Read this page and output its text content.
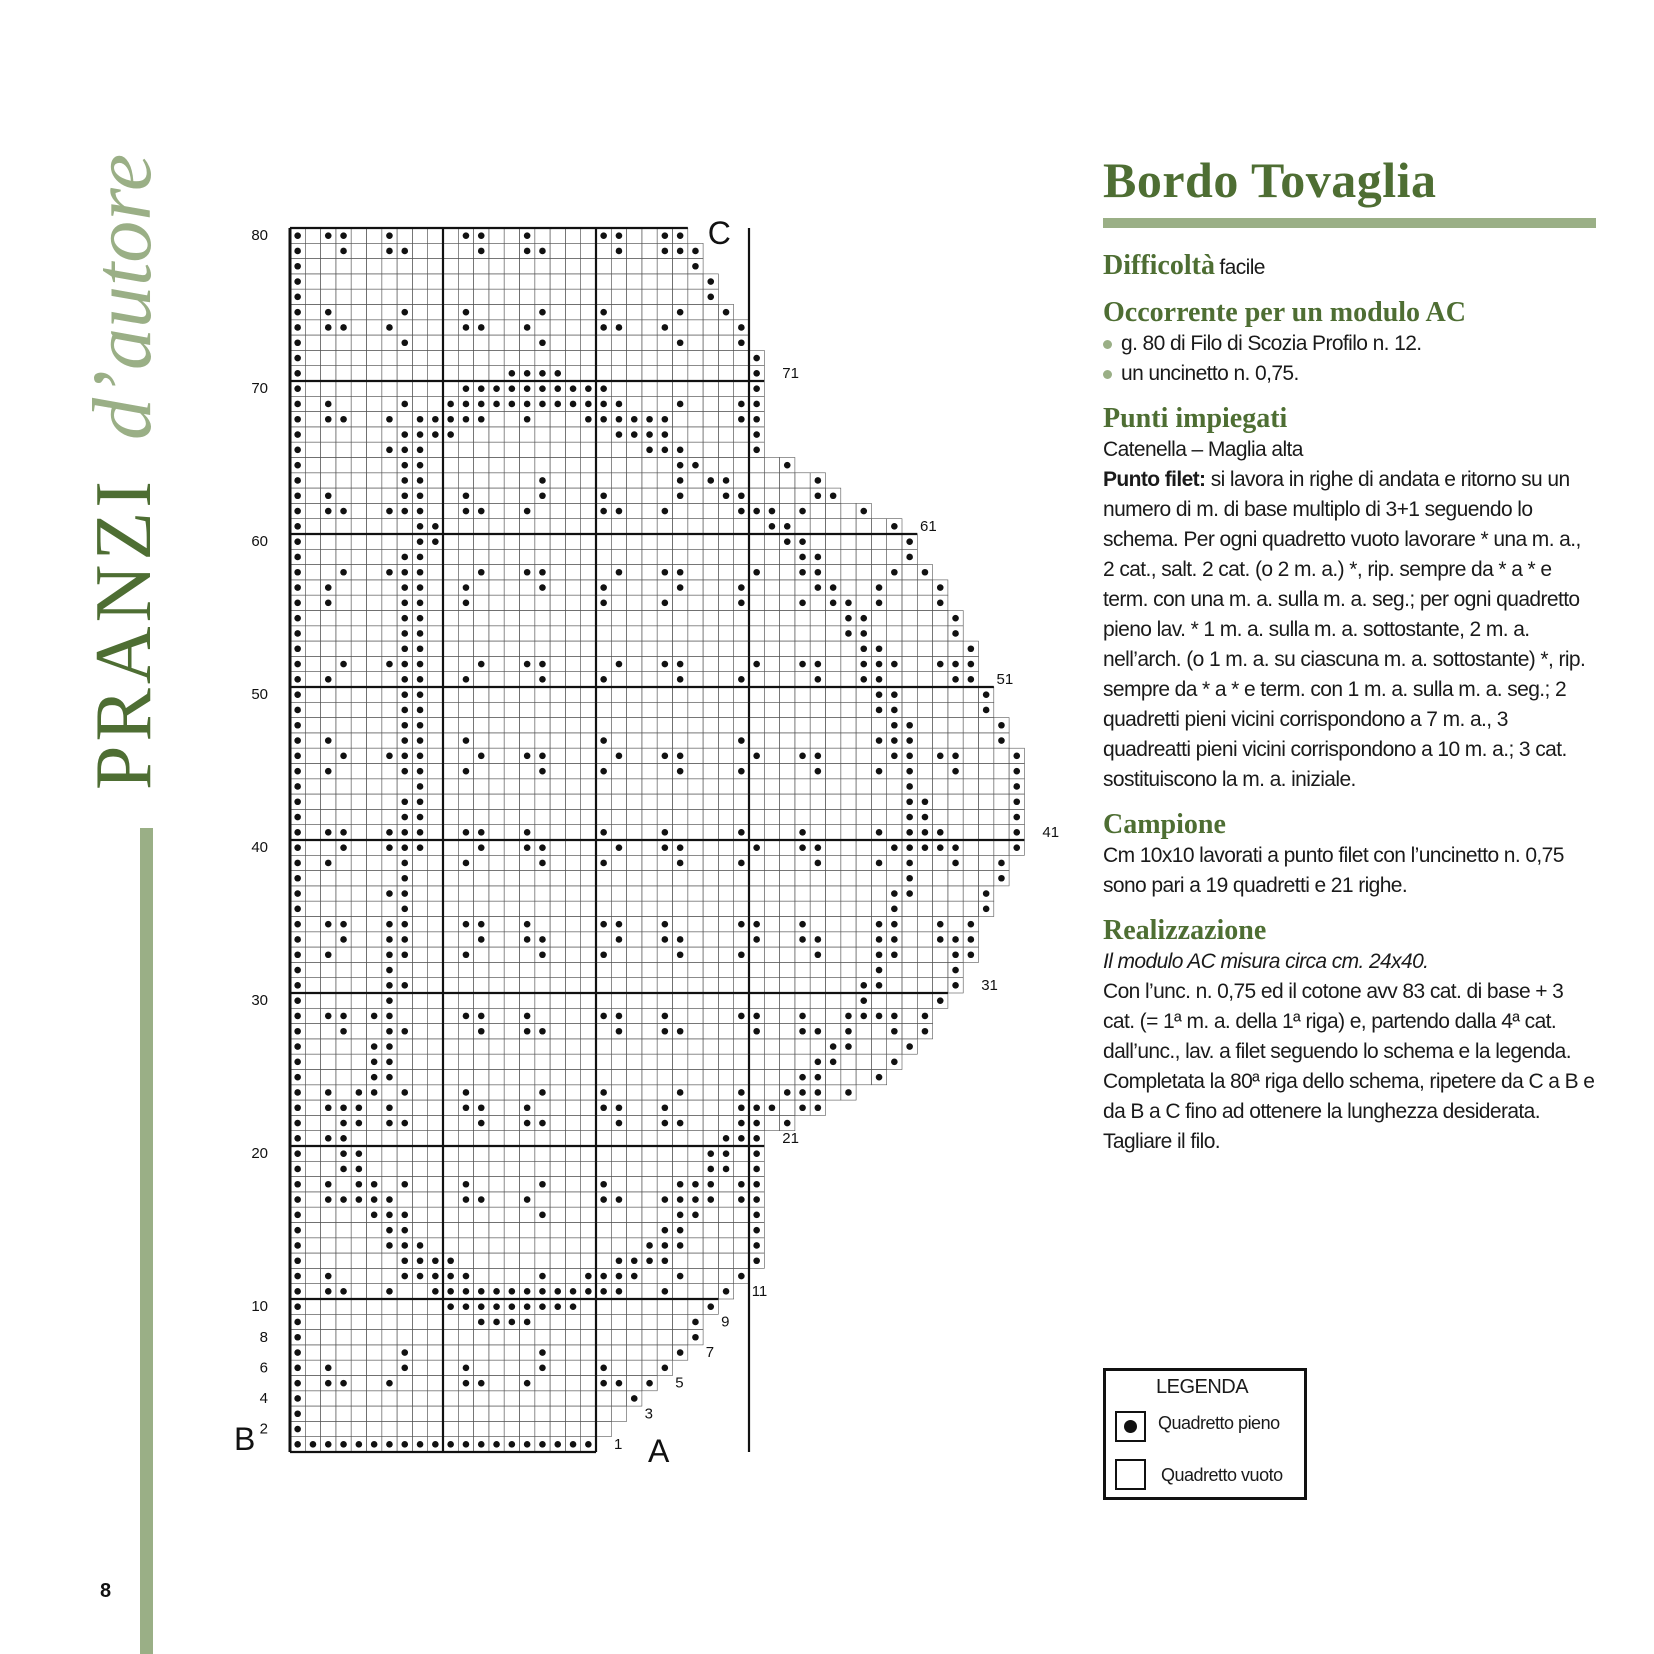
PRANZI
d’autore
8
80
70
60
50
40
30
20
10
8
6
4
2
71
61
51
41
31
21
11
9
7
5
3
1 A
B
C
Bordo Tovaglia
Difficoltà facile
Occorrente per un modulo AC
g. 80 di Filo di Scozia Profilo n. 12.
un uncinetto n. 0,75.
Punti impiegati
Catenella – Maglia alta
Punto filet: si lavora in righe di andata e ritorno su un numero di m. di base multiplo di 3+1 seguendo lo schema. Per ogni quadretto vuoto lavorare * una m. a., 2 cat., salt. 2 cat. (o 2 m. a.) *, rip. sempre da * a * e term. con una m. a. sulla m. a. seg.; per ogni quadretto pieno lav. * 1 m. a. sulla m. a. sottostante, 2 m. a. nell’arch. (o 1 m. a. su ciascuna m. a. sottostante) *, rip. sempre da * a * e term. con 1 m. a. sulla m. a. seg.; 2 quadretti pieni vicini corrispondono a 7 m. a., 3 quadreatti pieni vicini corrispondono a 10 m. a.; 3 cat. sostituiscono la m. a. iniziale.
Campione
Cm 10x10 lavorati a punto filet con l’uncinetto n. 0,75 sono pari a 19 quadretti e 21 righe.
Realizzazione
Il modulo AC misura circa cm. 24x40.
Con l’unc. n. 0,75 ed il cotone avv 83 cat. di base + 3 cat. (= 1ª m. a. della 1ª riga) e, partendo dalla 4ª cat. dall’unc., lav. a filet seguendo lo schema e la legenda. Completata la 80ª riga dello schema, ripetere da C a B e da B a C fino ad ottenere la lunghezza desiderata. Tagliare il filo.
LEGENDA
Quadretto pieno
Quadretto vuoto
